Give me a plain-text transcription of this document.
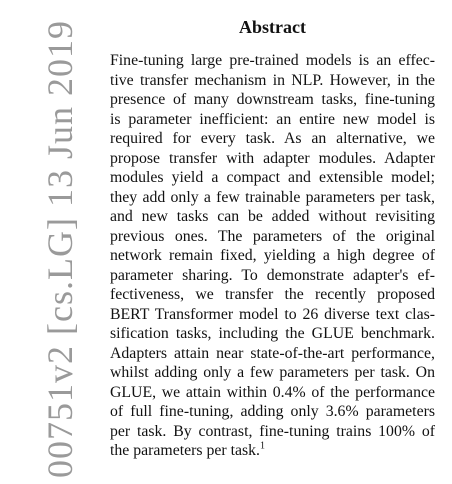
00751v2 [cs.LG] 13 Jun 2019	Abstract
Fine-tuning large pre-trained models is an effec-
tive transfer mechanism in NLP. However, in the
presence of many downstream tasks, fine-tuning
is parameter inefficient: an entire new model is
required for every task. As an alternative, we
propose transfer with adapter modules. Adapter
modules yield a compact and extensible model;
they add only a few trainable parameters per task,
and new tasks can be added without revisiting
previous ones. The parameters of the original
network remain fixed, yielding a high degree of
parameter sharing. To demonstrate adapter's ef-
fectiveness, we transfer the recently proposed
BERT Transformer model to 26 diverse text clas-
sification tasks, including the GLUE benchmark.
Adapters attain near state-of-the-art performance,
whilst adding only a few parameters per task. On
GLUE, we attain within 0.4% of the performance
of full fine-tuning, adding only 3.6% parameters
per task. By contrast, fine-tuning trains 100% of
the parameters per task.$^1$
